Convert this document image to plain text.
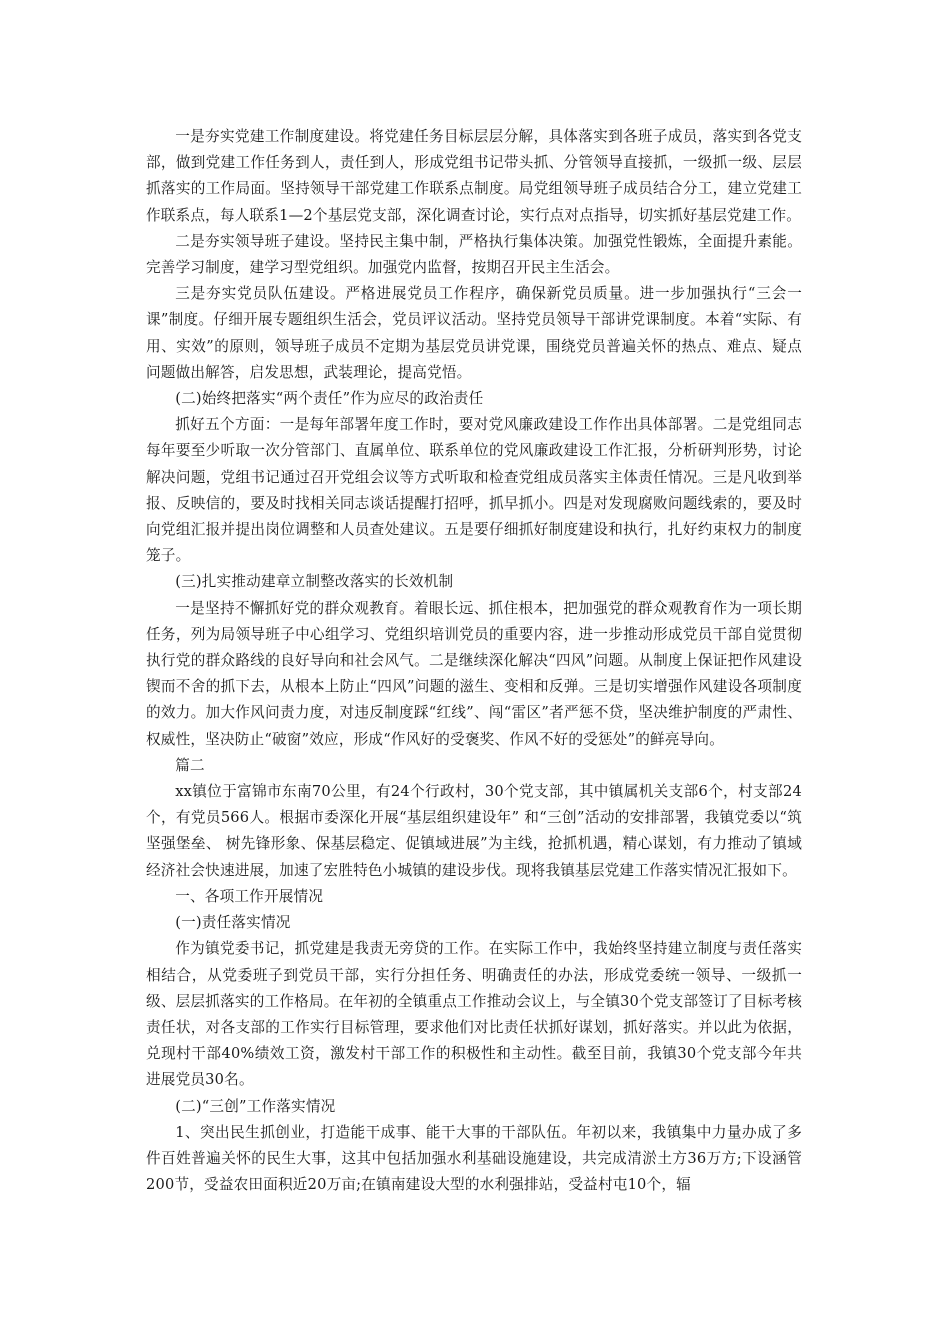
一是夯实党建工作制度建设。将党建任务目标层层分解，具体落实到各班子成员，落实到各党支部，做到党建工作任务到人，责任到人，形成党组书记带头抓、分管领导直接抓，一级抓一级、层层抓落实的工作局面。坚持领导干部党建工作联系点制度。局党组领导班子成员结合分工，建立党建工作联系点，每人联系1—2个基层党支部，深化调查讨论，实行点对点指导，切实抓好基层党建工作。

二是夯实领导班子建设。坚持民主集中制，严格执行集体决策。加强党性锻炼，全面提升素能。完善学习制度，建学习型党组织。加强党内监督，按期召开民主生活会。

三是夯实党员队伍建设。严格进展党员工作程序，确保新党员质量。进一步加强执行“三会一课”制度。仔细开展专题组织生活会，党员评议活动。坚持党员领导干部讲党课制度。本着“实际、有用、实效”的原则，领导班子成员不定期为基层党员讲党课，围绕党员普遍关怀的热点、难点、疑点问题做出解答，启发思想，武装理论，提高党悟。

(二)始终把落实“两个责任”作为应尽的政治责任

抓好五个方面：一是每年部署年度工作时，要对党风廉政建设工作作出具体部署。二是党组同志每年要至少听取一次分管部门、直属单位、联系单位的党风廉政建设工作汇报，分析研判形势，讨论解决问题，党组书记通过召开党组会议等方式听取和检查党组成员落实主体责任情况。三是凡收到举报、反映信的，要及时找相关同志谈话提醒打招呼，抓早抓小。四是对发现腐败问题线索的，要及时向党组汇报并提出岗位调整和人员查处建议。五是要仔细抓好制度建设和执行，扎好约束权力的制度笼子。

(三)扎实推动建章立制整改落实的长效机制

一是坚持不懈抓好党的群众观教育。着眼长远、抓住根本，把加强党的群众观教育作为一项长期任务，列为局领导班子中心组学习、党组织培训党员的重要内容，进一步推动形成党员干部自觉贯彻执行党的群众路线的良好导向和社会风气。二是继续深化解决“四风”问题。从制度上保证把作风建设锲而不舍的抓下去，从根本上防止“四风”问题的滋生、变相和反弹。三是切实增强作风建设各项制度的效力。加大作风问责力度，对违反制度踩“红线”、闯“雷区”者严惩不贷，坚决维护制度的严肃性、权威性，坚决防止“破窗”效应，形成“作风好的受褒奖、作风不好的受惩处”的鲜亮导向。

篇二

xx镇位于富锦市东南70公里，有24个行政村，30个党支部，其中镇属机关支部6个，村支部24个，有党员566人。根据市委深化开展“基层组织建设年” 和“三创”活动的安排部署，我镇党委以“筑坚强堡垒、 树先锋形象、保基层稳定、促镇域进展”为主线，抢抓机遇，精心谋划，有力推动了镇域经济社会快速进展，加速了宏胜特色小城镇的建设步伐。现将我镇基层党建工作落实情况汇报如下。

一、各项工作开展情况

(一)责任落实情况

作为镇党委书记，抓党建是我责无旁贷的工作。在实际工作中，我始终坚持建立制度与责任落实相结合，从党委班子到党员干部，实行分担任务、明确责任的办法，形成党委统一领导、一级抓一级、层层抓落实的工作格局。在年初的全镇重点工作推动会议上，与全镇30个党支部签订了目标考核责任状，对各支部的工作实行目标管理，要求他们对比责任状抓好谋划，抓好落实。并以此为依据，兑现村干部40%绩效工资，激发村干部工作的积极性和主动性。截至目前，我镇30个党支部今年共进展党员30名。

(二)“三创”工作落实情况

1、突出民生抓创业，打造能干成事、能干大事的干部队伍。年初以来，我镇集中力量办成了多件百姓普遍关怀的民生大事，这其中包括加强水利基础设施建设，共完成清淤土方36万方;下设涵管200节，受益农田面积近20万亩;在镇南建设大型的水利强排站，受益村屯10个，辐
